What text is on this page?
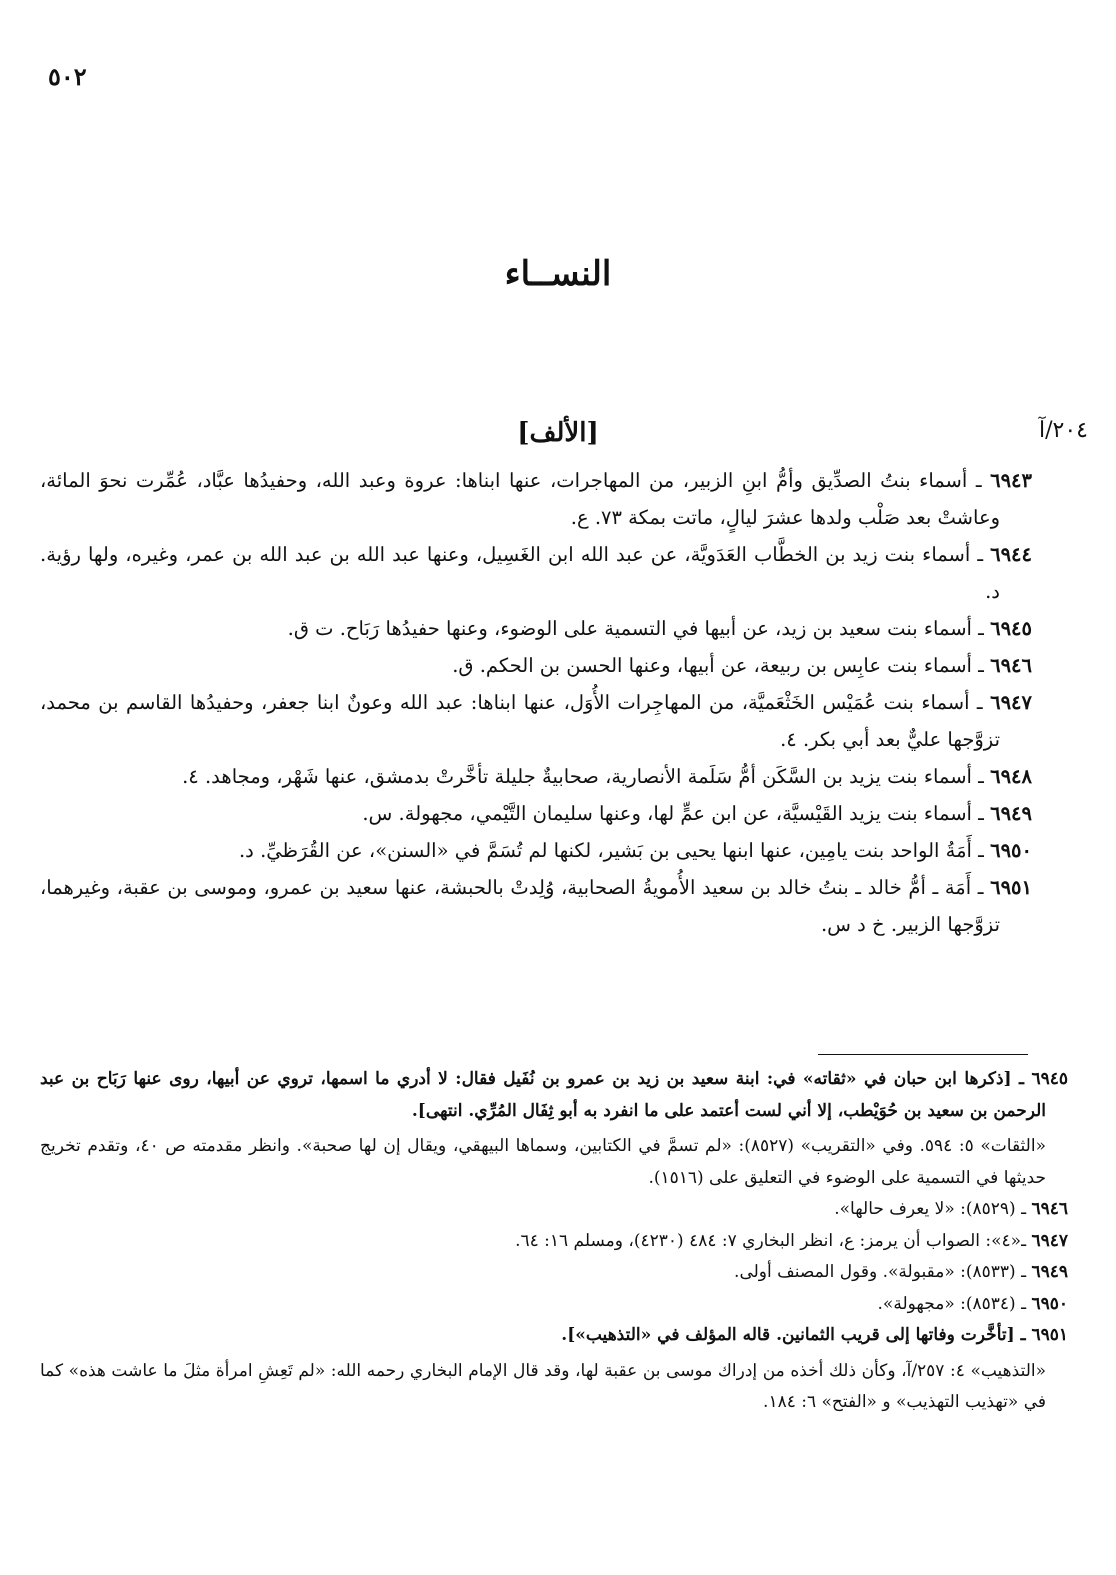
٥٠٢
النســاء
٢٠٤/آ
[الألف]

٦٩٤٣ ـ أسماء بنتُ الصدِّيق وأمُّ ابنِ الزبير، من المهاجرات، عنها ابناها: عروة وعبد الله، وحفيدُها عبَّاد، عُمِّرت نحوَ المائة، وعاشتْ بعد صَلْب ولدها عشرَ ليالٍ، ماتت بمكة ٧٣. ع.

٦٩٤٤ ـ أسماء بنت زيد بن الخطَّاب العَدَويَّة، عن عبد الله ابن الغَسِيل، وعنها عبد الله بن عبد الله بن عمر، وغيره، ولها رؤية. د.

٦٩٤٥ ـ أسماء بنت سعيد بن زيد، عن أبيها في التسمية على الوضوء، وعنها حفيدُها رَبَاح. ت ق.

٦٩٤٦ ـ أسماء بنت عابِس بن ربيعة، عن أبيها، وعنها الحسن بن الحكم. ق.

٦٩٤٧ ـ أسماء بنت عُمَيْس الخَثْعَميَّة، من المهاجِرات الأُوَل، عنها ابناها: عبد الله وعونٌ ابنا جعفر، وحفيدُها القاسم بن محمد، تزوَّجها عليٌّ بعد أبي بكر. ٤.

٦٩٤٨ ـ أسماء بنت يزيد بن السَّكَن أمُّ سَلَمة الأنصارية، صحابيةٌ جليلة تأخَّرتْ بدمشق، عنها شَهْر، ومجاهد. ٤.

٦٩٤٩ ـ أسماء بنت يزيد القَيْسيَّة، عن ابن عمٍّ لها، وعنها سليمان التَّيْمي، مجهولة. س.

٦٩٥٠ ـ أَمَةُ الواحد بنت يامِين، عنها ابنها يحيى بن بَشير، لكنها لم تُسَمَّ في «السنن»، عن القُرَظيِّ. د.

٦٩٥١ ـ أَمَة ـ أمُّ خالد ـ بنتُ خالد بن سعيد الأُمويةُ الصحابية، وُلِدتْ بالحبشة، عنها سعيد بن عمرو، وموسى بن عقبة، وغيرهما، تزوَّجها الزبير. خ د س.

٦٩٤٥ ـ [ذكرها ابن حبان في «ثقاته» في: ابنة سعيد بن زيد بن عمرو بن نُفَيل فقال: لا أدري ما اسمها، تروي عن أبيها، روى عنها رَبَاح بن عبد الرحمن بن سعيد بن حُوَيْطب، إلا أني لست أعتمد على ما انفرد به أبو ثِفَال المُرِّي. انتهى].

«الثقات» ٥: ٥٩٤. وفي «التقريب» (٨٥٢٧): «لم تسمَّ في الكتابين، وسماها البيهقي، ويقال إن لها صحبة». وانظر مقدمته ص ٤٠، وتقدم تخريج حديثها في التسمية على الوضوء في التعليق على (١٥١٦).

٦٩٤٦ ـ (٨٥٢٩): «لا يعرف حالها».

٦٩٤٧ ـ«٤»: الصواب أن يرمز: ع، انظر البخاري ٧: ٤٨٤ (٤٢٣٠)، ومسلم ١٦: ٦٤.

٦٩٤٩ ـ (٨٥٣٣): «مقبولة». وقول المصنف أولى.

٦٩٥٠ ـ (٨٥٣٤): «مجهولة».

٦٩٥١ ـ [تأخَّرت وفاتها إلى قريب الثمانين. قاله المؤلف في «التذهيب»].

«التذهيب» ٤: ٢٥٧/آ، وكأن ذلك أخذه من إدراك موسى بن عقبة لها، وقد قال الإمام البخاري رحمه الله: «لم تَعِشِ امرأة مثلَ ما عاشت هذه» كما في «تهذيب التهذيب» و «الفتح» ٦: ١٨٤.
